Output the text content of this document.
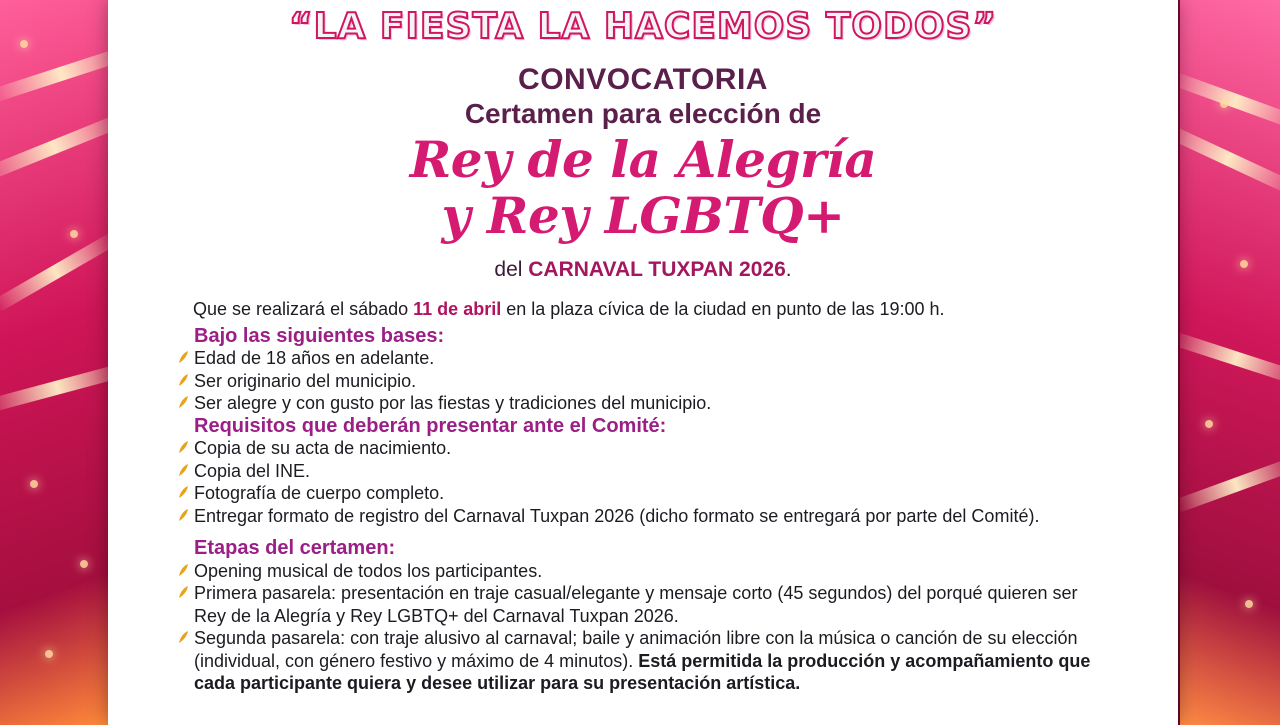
“LA FIESTA LA HACEMOS TODOS”
CONVOCATORIA
Certamen para elección de
Rey de la Alegría
y Rey LGBTQ+
del CARNAVAL TUXPAN 2026.
Que se realizará el sábado 11 de abril en la plaza cívica de la ciudad en punto de las 19:00 h.
Bajo las siguientes bases:
Edad de 18 años en adelante.
Ser originario del municipio.
Ser alegre y con gusto por las fiestas y tradiciones del municipio.
Requisitos que deberán presentar ante el Comité:
Copia de su acta de nacimiento.
Copia del INE.
Fotografía de cuerpo completo.
Entregar formato de registro del Carnaval Tuxpan 2026 (dicho formato se entregará por parte del Comité).
Etapas del certamen:
Opening musical de todos los participantes.
Primera pasarela: presentación en traje casual/elegante y mensaje corto (45 segundos) del porqué quieren ser Rey de la Alegría y Rey LGBTQ+ del Carnaval Tuxpan 2026.
Segunda pasarela: con traje alusivo al carnaval; baile y animación libre con la música o canción de su elección (individual, con género festivo y máximo de 4 minutos). Está permitida la producción y acompañamiento que cada participante quiera y desee utilizar para su presentación artística.
